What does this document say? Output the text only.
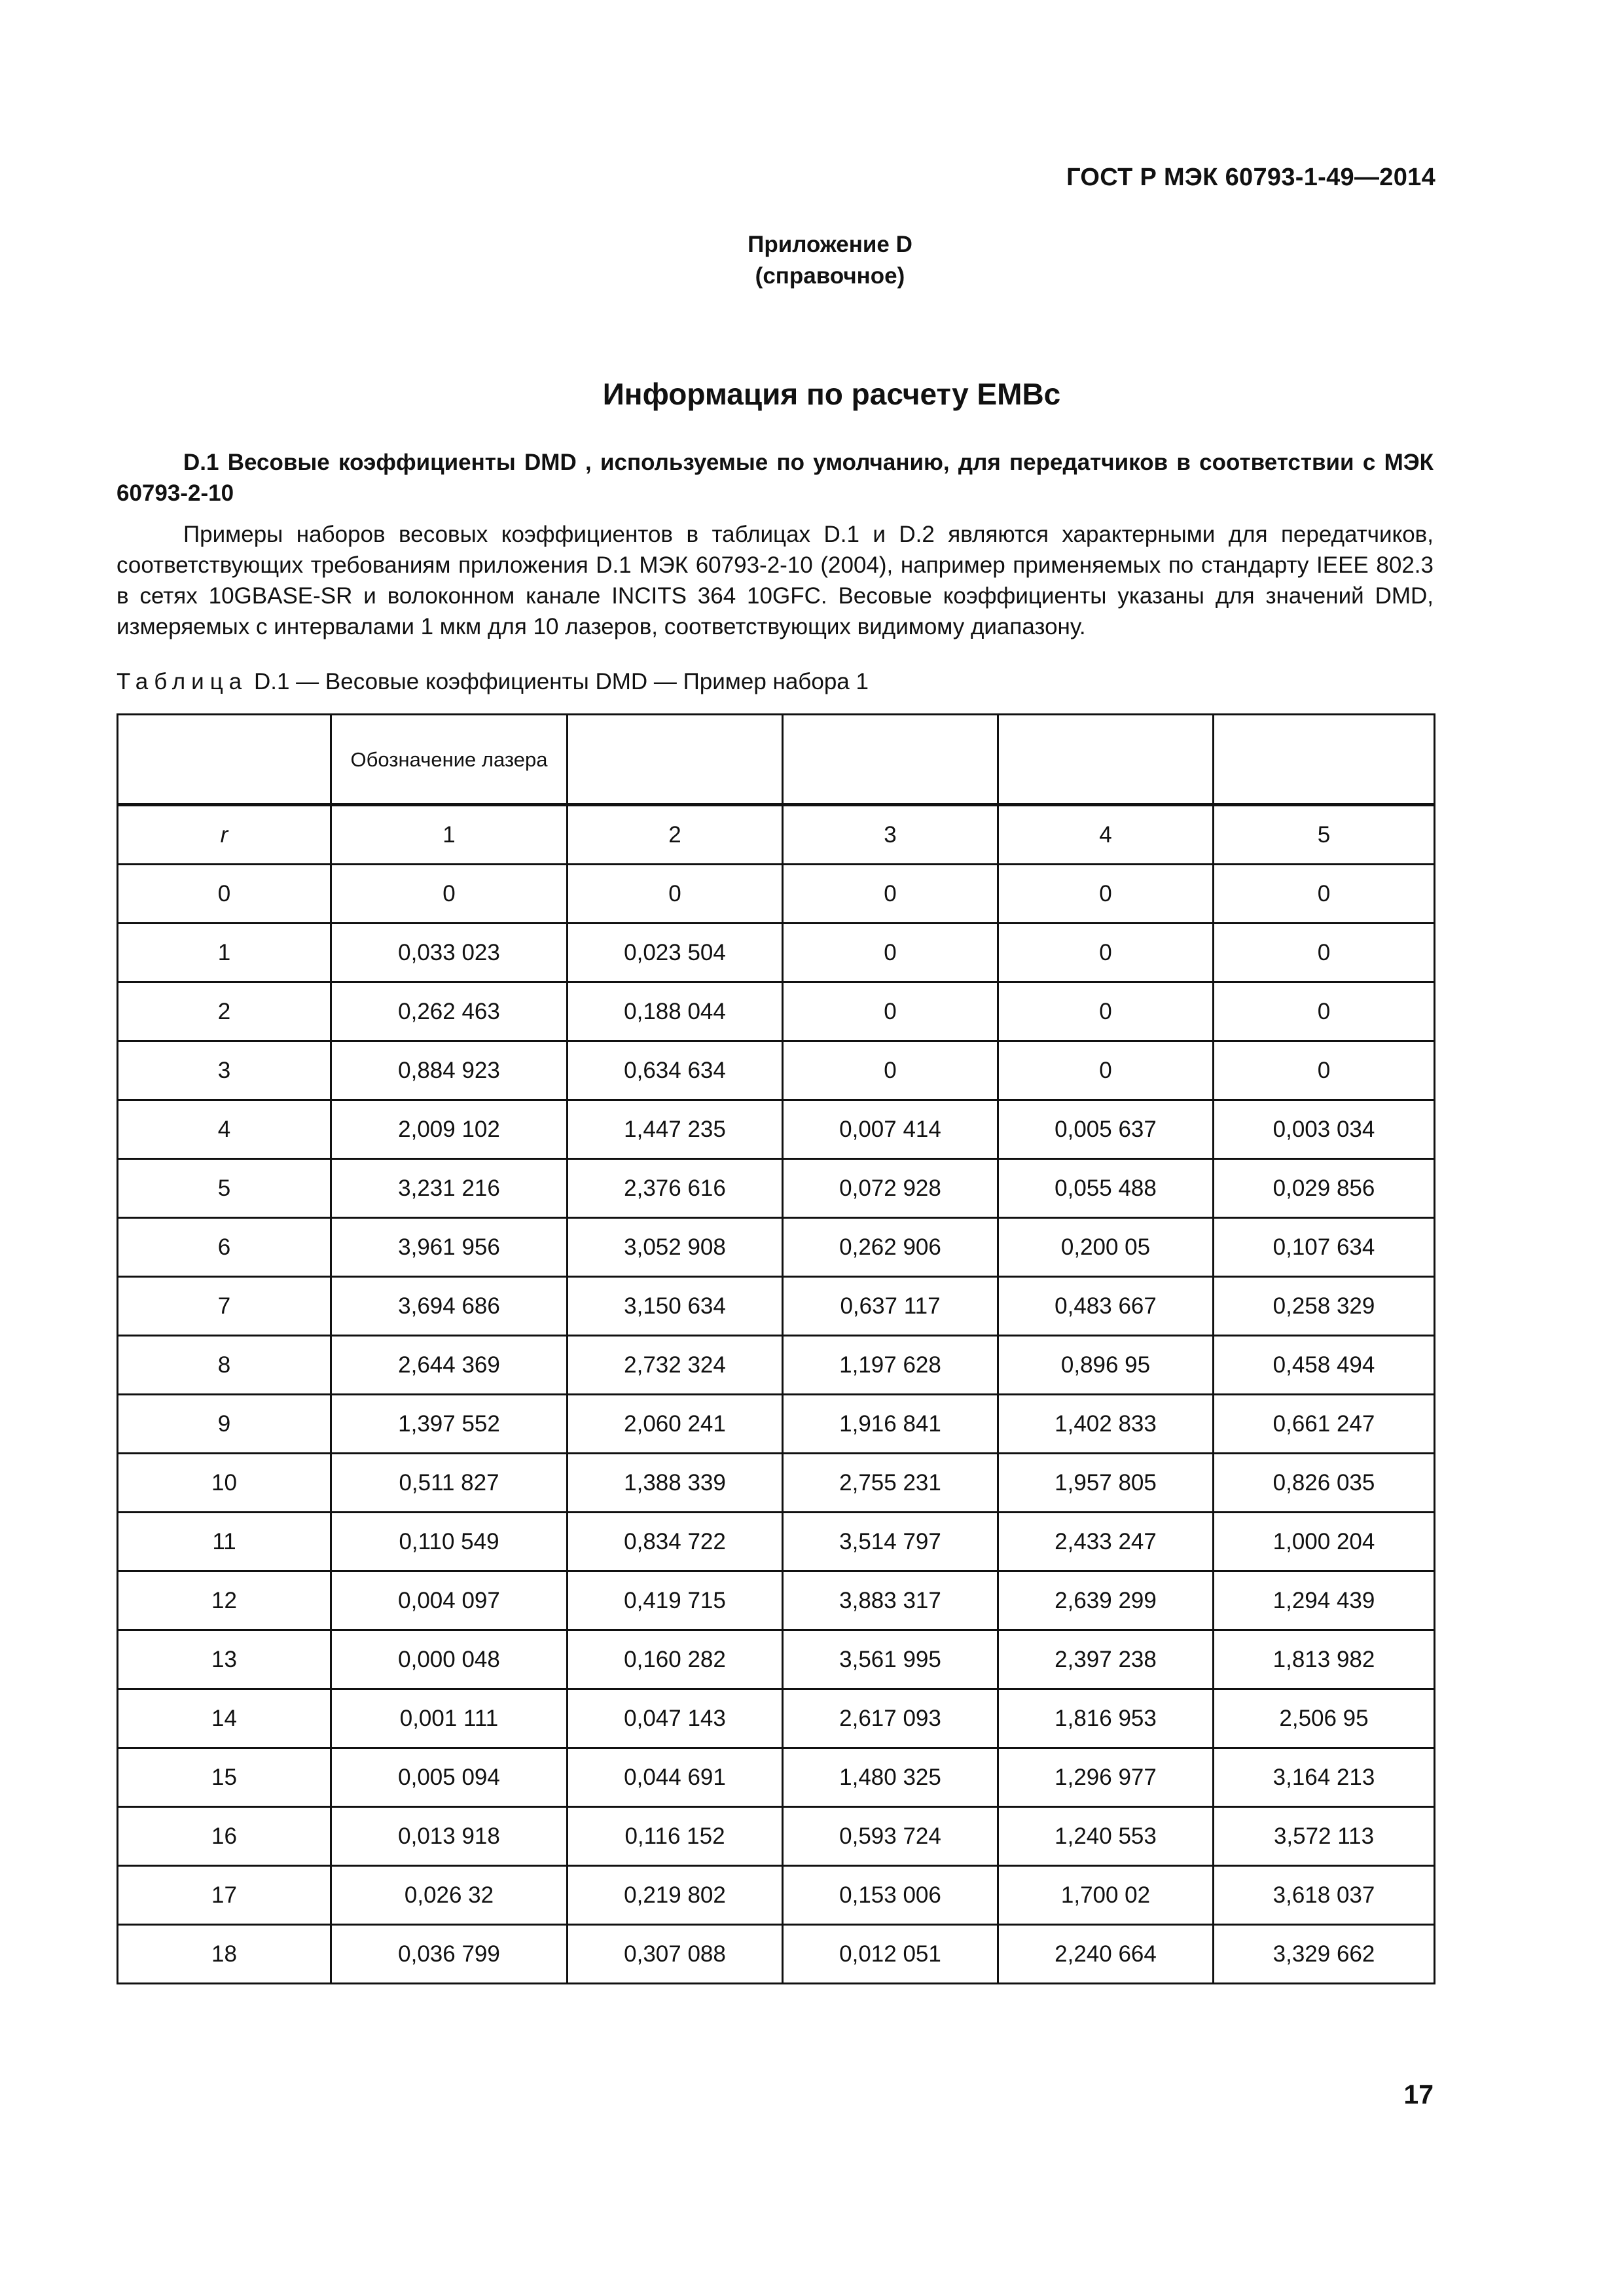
ГОСТ Р МЭК 60793-1-49—2014
Приложение D
(справочное)
Информация по расчету EMBc
D.1 Весовые коэффициенты DMD , используемые по умолчанию, для передатчиков в соответствии с МЭК 60793-2-10
Примеры наборов весовых коэффициентов в таблицах D.1 и D.2 являются характерными для передатчиков, соответствующих требованиям приложения D.1 МЭК 60793-2-10 (2004), например применяемых по стандарту IEEE 802.3 в сетях 10GBASE-SR и волоконном канале INCITS 364 10GFC. Весовые коэффициенты указаны для значений DMD, измеряемых с интервалами 1 мкм для 10 лазеров, соответствующих видимому диапазону.
Таблица D.1 — Весовые коэффициенты DMD — Пример набора 1
	Обозначение лазера				
r	1	2	3	4	5
0	0	0	0	0	0
1	0,033 023	0,023 504	0	0	0
2	0,262 463	0,188 044	0	0	0
3	0,884 923	0,634 634	0	0	0
4	2,009 102	1,447 235	0,007 414	0,005 637	0,003 034
5	3,231 216	2,376 616	0,072 928	0,055 488	0,029 856
6	3,961 956	3,052 908	0,262 906	0,200 05	0,107 634
7	3,694 686	3,150 634	0,637 117	0,483 667	0,258 329
8	2,644 369	2,732 324	1,197 628	0,896 95	0,458 494
9	1,397 552	2,060 241	1,916 841	1,402 833	0,661 247
10	0,511 827	1,388 339	2,755 231	1,957 805	0,826 035
11	0,110 549	0,834 722	3,514 797	2,433 247	1,000 204
12	0,004 097	0,419 715	3,883 317	2,639 299	1,294 439
13	0,000 048	0,160 282	3,561 995	2,397 238	1,813 982
14	0,001 111	0,047 143	2,617 093	1,816 953	2,506 95
15	0,005 094	0,044 691	1,480 325	1,296 977	3,164 213
16	0,013 918	0,116 152	0,593 724	1,240 553	3,572 113
17	0,026 32	0,219 802	0,153 006	1,700 02	3,618 037
18	0,036 799	0,307 088	0,012 051	2,240 664	3,329 662
17
